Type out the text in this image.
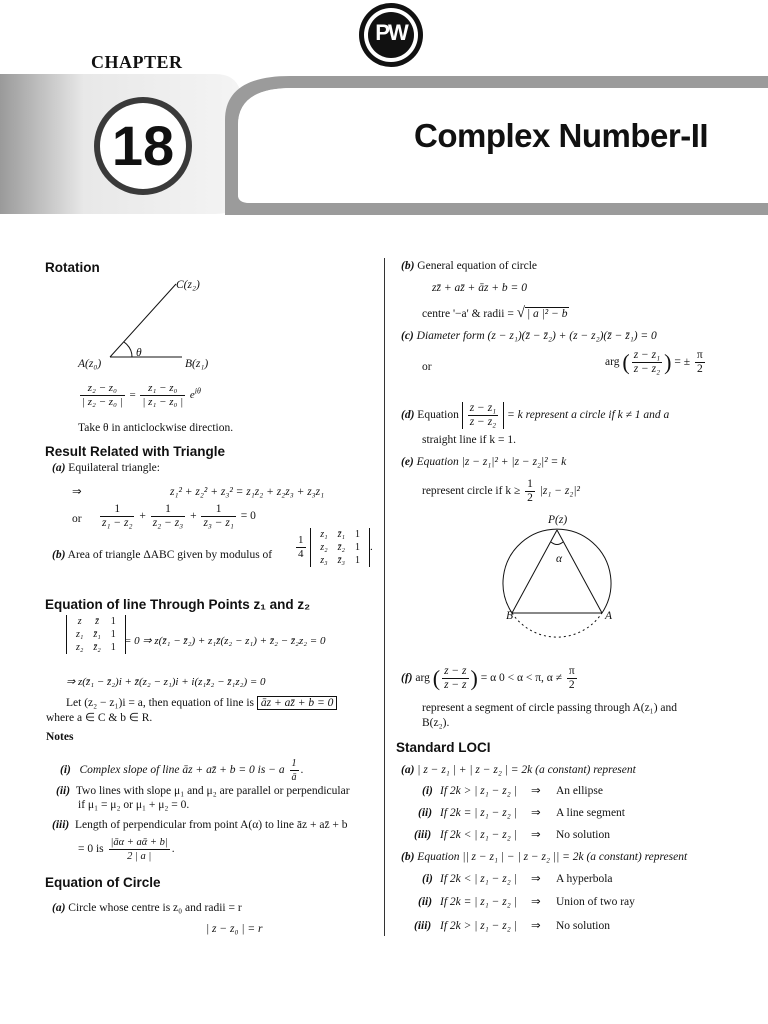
PW
CHAPTER
18	Complex Number-II
Rotation
C(z₂)
θ
A(z₀)	B(z₁)
$\frac{\text{z₂ − z₀}}{\text{| z₂ − z₀ |}} = \frac{\text{z₁ − z₀}}{\text{| z₁ − z₀ |}} e^{i\theta}$
Take θ in anticlockwise direction.
Result Related with Triangle
(a) Equilateral triangle:
⇒	z₁² + z₂² + z₃² = z₁z₂ + z₂z₃ + z₃z₁
or $\frac{1}{\text{z₁ − z₂}} + \frac{1}{\text{z₂ − z₃}} + \frac{1}{\text{z₃ − z₁}} = 0$
(b) Area of triangle ΔABC given by modulus of $\frac{1}{4}$
z₁	z̄₁	1
z₂	z̄₂	1
z₃	z̄₃	1
.
Equation of line Through Points z₁ and z₂
z	z̄	1
z₁	z̄₁	1
z₂	z̄₂	1
= 0 ⇒ z(z̄₁ − z̄₂) + z₁z̄(z₂ − z₁) + z̄₂ − z̄₂z₂ = 0
⇒ z(z̄₁ − z̄₂)i + z̄(z₂ − z₁)i + i(z₁z̄₂ − z̄₁z₂) = 0
Let (z₂ − z₁)i = a, then equation of line is āz + az̄ + b = 0
where a ∈ C & b ∈ R.
Notes
(i) Complex slope of line āz + az̄ + b = 0 is − a $\frac{1}{ā}$ .
(ii) Two lines with slope μ₁ and μ₂ are parallel or perpendicular
if μ₁ = μ₂ or μ₁ + μ₂ = 0.
(iii) Length of perpendicular from point A(α) to line āz + az̄ + b
= 0 is $\frac{\text{|āα + aᾱ + b|}}{2 | a |}$ .
Equation of Circle
(a) Circle whose centre is z₀ and radii = r
| z − z₀ | = r
(b) General equation of circle
zz̄ + az̄ + āz + b = 0
centre '−a' & radii = √ | a |² − b
(c) Diameter form (z − z₁)(z̄ − z̄₂) + (z − z₂)(z̄ − z̄₁) = 0
or	arg ( $\frac{\text{z − z₁}}{\text{z − z₂}}$ ) = ± $\frac{\pi}{2}$
(d) Equation $\frac{\text{z − z₁}}{\text{z − z₂}} = k$ represent a circle if k ≠ 1 and a
straight line if k = 1.
(e) Equation |z − z₁|² + |z − z₂|² = k
represent circle if $k \ge \frac{1}{2} |z_1 - z_2|^2$
P(z)
α
B	A
(f) arg ( $\frac{z - z}{z - z}$ ) = α 0 < α < π, $\alpha \ne \frac{\pi}{2}$
represent a segment of circle passing through A(z₁) and
B(z₂).
Standard LOCI
(a) | z − z₁ | + | z − z₂ | = 2k (a constant) represent
(i) If 2k > | z₁ − z₂ | ⇒ An ellipse
(ii) If 2k = | z₁ − z₂ | ⇒ A line segment
(iii) If 2k < | z₁ − z₂ | ⇒ No solution
(b) Equation || z − z₁ | − | z − z₂ || = 2k (a constant) represent
(i) If 2k < | z₁ − z₂ | ⇒ A hyperbola
(ii) If 2k = | z₁ − z₂ | ⇒ Union of two ray
(iii) If 2k > | z₁ − z₂ | ⇒ No solution
